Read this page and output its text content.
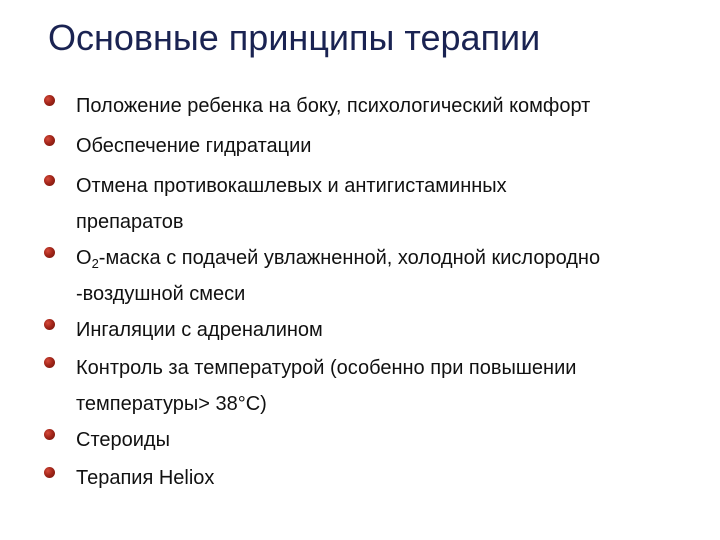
Основные принципы терапии
Положение ребенка на боку, психологический комфорт
Обеспечение гидратации
Отмена противокашлевых и антигистаминных
препаратов
$O_2$-маска с подачей увлажненной, холодной кислородно
-воздушной смеси
Ингаляции с адреналином
Контроль за температурой (особенно при повышении
температуры> 38°С)
Стероиды
Терапия Heliox
